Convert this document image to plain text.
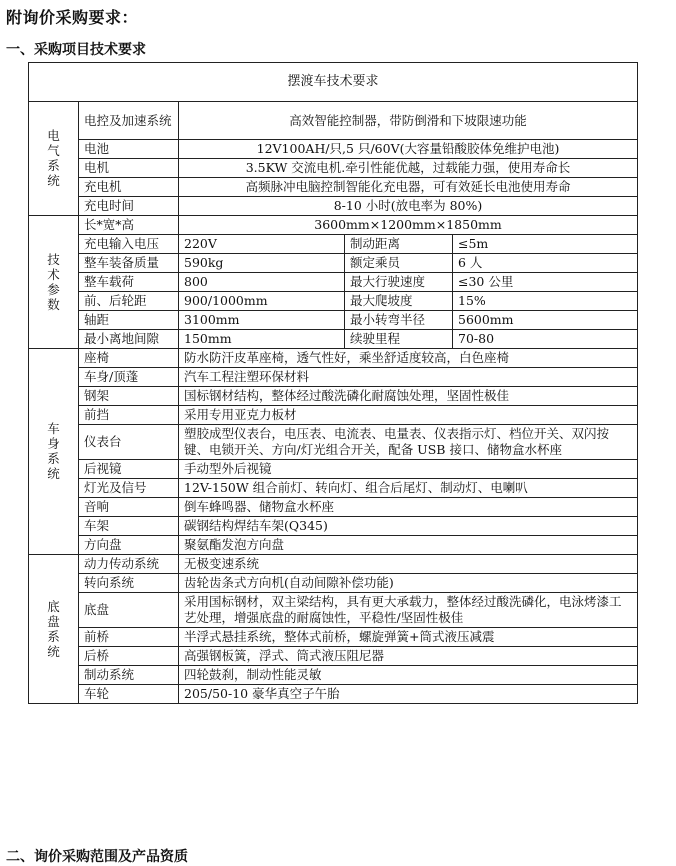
附询价采购要求：
一、采购项目技术要求
摆渡车技术要求				
电气系统	电控及加速系统	高效智能控制器，带防倒滑和下坡限速功能		
	电池	12V100AH/只,5 只/60V(大容量铅酸胶体免维护电池)		
	电机	3.5KW 交流电机.牵引性能优越，过载能力强，使用寿命长		
	充电机	高频脉冲电脑控制智能化充电器，可有效延长电池使用寿命		
	充电时间	8-10 小时(放电率为 80%)		
技术参数	长*宽*高	3600mm×1200mm×1850mm		
	充电输入电压	220V	制动距离	≤5m
	整车装备质量	590kg	额定乘员	6 人
	整车载荷	800	最大行驶速度	≤30 公里
	前、后轮距	900/1000mm	最大爬坡度	15%
	轴距	3100mm	最小转弯半径	5600mm
	最小离地间隙	150mm	续驶里程	70-80
车身系统	座椅	防水防汗皮革座椅，透气性好，乘坐舒适度较高，白色座椅		
	车身/顶蓬	汽车工程注塑环保材料		
	钢架	国标钢材结构，整体经过酸洗磷化耐腐蚀处理，坚固性极佳		
	前挡	采用专用亚克力板材		
	仪表台	塑胶成型仪表台，电压表、电流表、电量表、仪表指示灯、档位开关、双闪按键、电锁开关、方向/灯光组合开关，配备 USB 接口、储物盒水杯座		
	后视镜	手动型外后视镜		
	灯光及信号	12V-150W 组合前灯、转向灯、组合后尾灯、制动灯、电喇叭		
	音响	倒车蜂鸣器、储物盒水杯座		
	车架	碳钢结构焊结车架(Q345)		
	方向盘	聚氨酯发泡方向盘		
底盘系统	动力传动系统	无极变速系统		
	转向系统	齿轮齿条式方向机(自动间隙补偿功能)		
	底盘	采用国标钢材，双主梁结构，具有更大承载力，整体经过酸洗磷化，电泳烤漆工艺处理，增强底盘的耐腐蚀性，平稳性/坚固性极佳		
	前桥	半浮式悬挂系统，整体式前桥，螺旋弹簧+筒式液压减震		
	后桥	高强钢板簧，浮式、筒式液压阻尼器		
	制动系统	四轮鼓刹，制动性能灵敏		
	车轮	205/50-10 豪华真空子午胎		
二、询价采购范围及产品资质
